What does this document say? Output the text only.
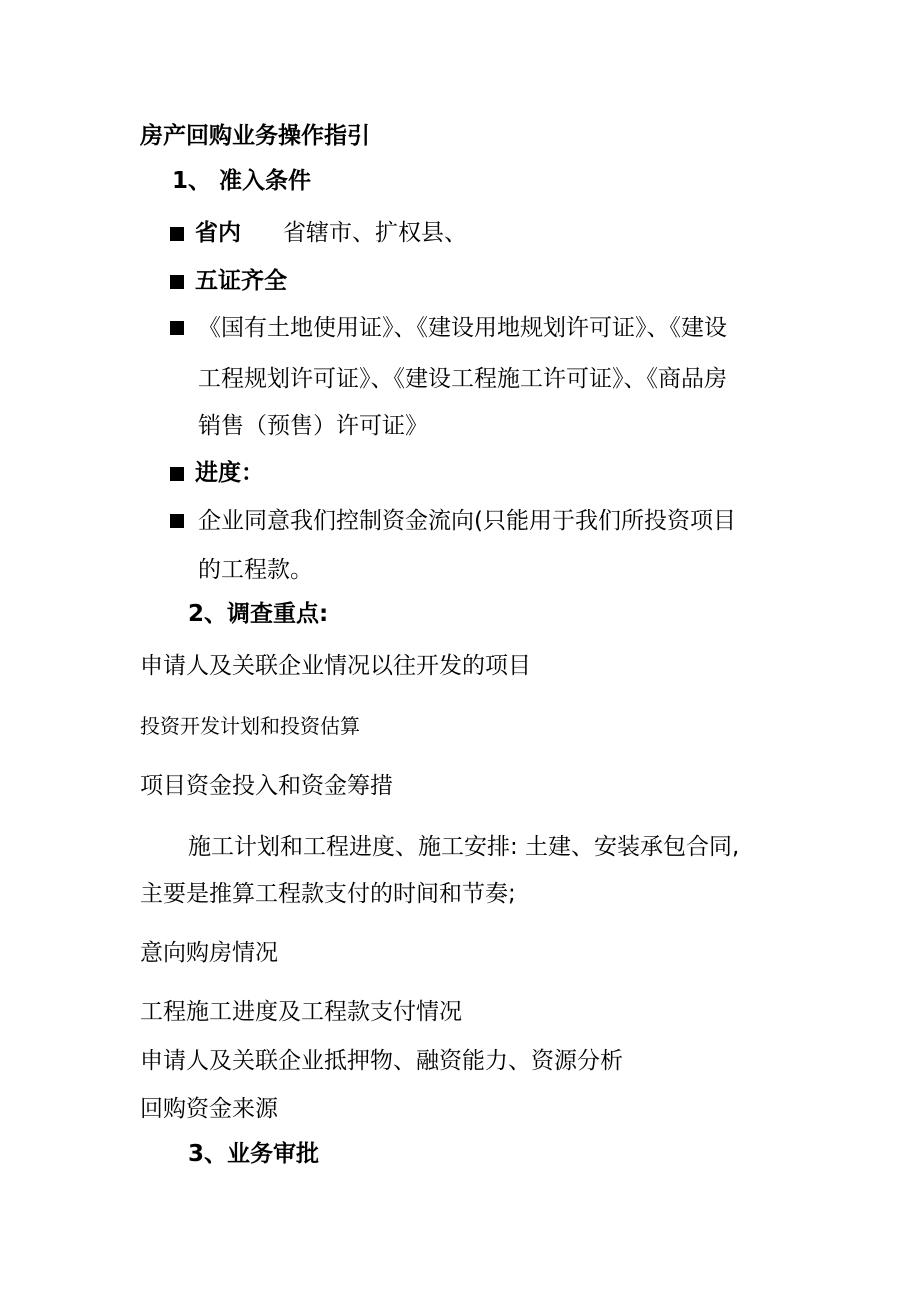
房产回购业务操作指引
1、 准入条件
省内 省辖市、扩权县、
五证齐全
《国有土地使用证》、《建设用地规划许可证》、《建设
工程规划许可证》、《建设工程施工许可证》、《商品房
销售（预售）许可证》
进度：
企业同意我们控制资金流向(只能用于我们所投资项目
的工程款。
2、调查重点:
申请人及关联企业情况以往开发的项目
投资开发计划和投资估算
项目资金投入和资金筹措
施工计划和工程进度、施工安排: 土建、安装承包合同,
主要是推算工程款支付的时间和节奏;
意向购房情况
工程施工进度及工程款支付情况
申请人及关联企业抵押物、融资能力、资源分析
回购资金来源
3、业务审批
